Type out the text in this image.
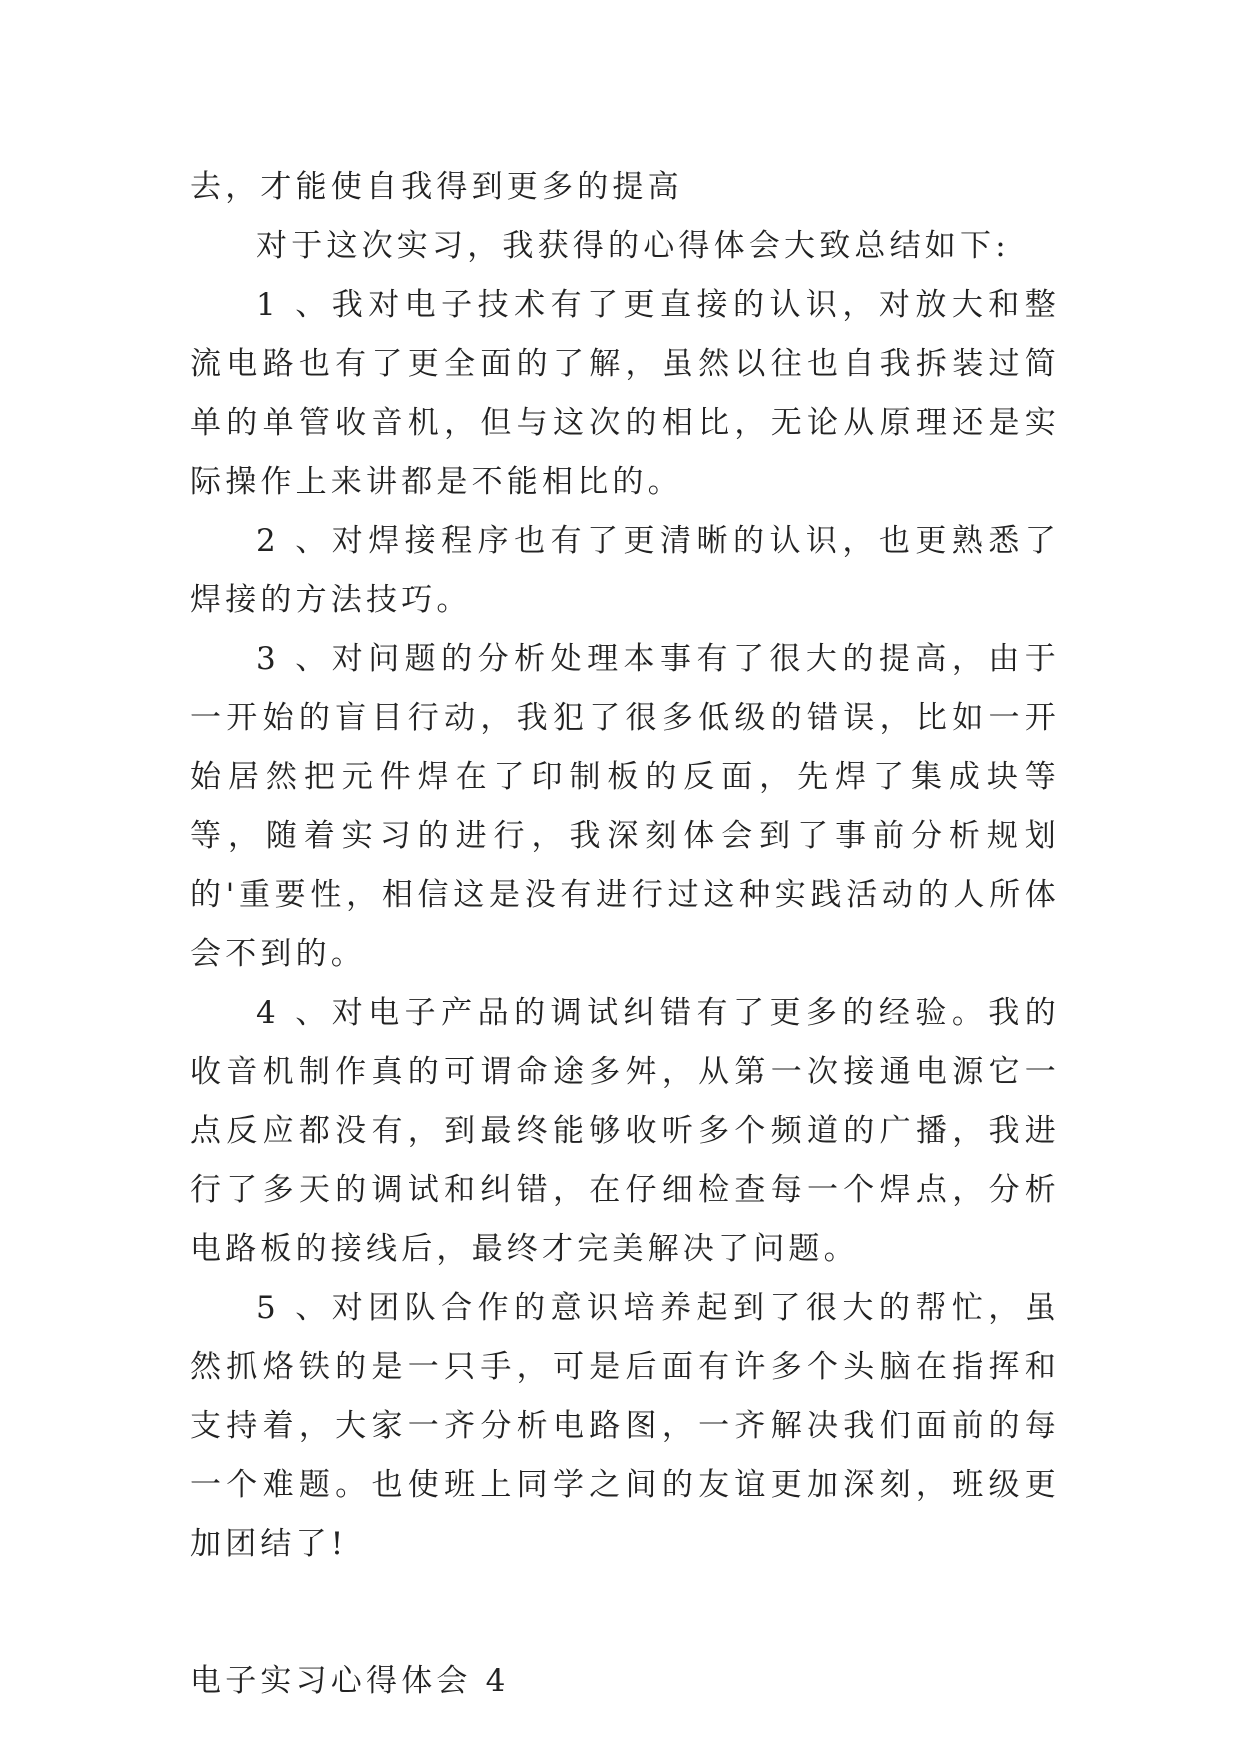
去，才能使自我得到更多的提高

对于这次实习，我获得的心得体会大致总结如下:

1 、我对电子技术有了更直接的认识，对放大和整流电路也有了更全面的了解，虽然以往也自我拆装过简单的单管收音机，但与这次的相比，无论从原理还是实际操作上来讲都是不能相比的。

2 、对焊接程序也有了更清晰的认识，也更熟悉了焊接的方法技巧。

3 、对问题的分析处理本事有了很大的提高，由于一开始的盲目行动，我犯了很多低级的错误，比如一开始居然把元件焊在了印制板的反面，先焊了集成块等等，随着实习的进行，我深刻体会到了事前分析规划的'重要性，相信这是没有进行过这种实践活动的人所体会不到的。

4 、对电子产品的调试纠错有了更多的经验。我的收音机制作真的可谓命途多舛，从第一次接通电源它一点反应都没有，到最终能够收听多个频道的广播，我进行了多天的调试和纠错，在仔细检查每一个焊点，分析电路板的接线后，最终才完美解决了问题。

5 、对团队合作的意识培养起到了很大的帮忙，虽然抓烙铁的是一只手，可是后面有许多个头脑在指挥和支持着，大家一齐分析电路图，一齐解决我们面前的每一个难题。也使班上同学之间的友谊更加深刻，班级更加团结了!

电子实习心得体会 4
